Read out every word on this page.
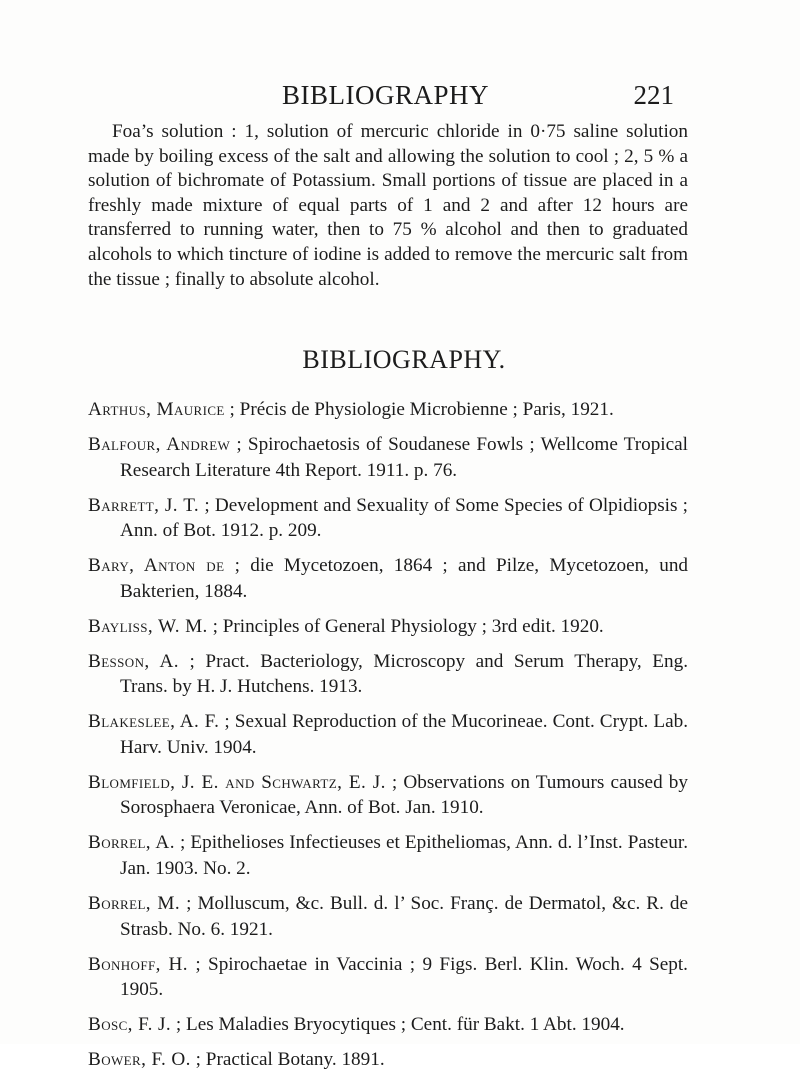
BIBLIOGRAPHY	221

Foa’s solution : 1, solution of mercuric chloride in 0·75 saline solution made by boiling excess of the salt and allowing the solution to cool ; 2, 5 % a solution of bichromate of Potassium. Small portions of tissue are placed in a freshly made mixture of equal parts of 1 and 2 and after 12 hours are transferred to running water, then to 75 % alcohol and then to graduated alcohols to which tincture of iodine is added to remove the mercuric salt from the tissue ; finally to absolute alcohol.

BIBLIOGRAPHY.
Arthus, Maurice ; Précis de Physiologie Microbienne ; Paris, 1921.
Balfour, Andrew ; Spirochaetosis of Soudanese Fowls ; Wellcome Tropical Research Literature 4th Report. 1911. p. 76.
Barrett, J. T. ; Development and Sexuality of Some Species of Olpidiopsis ; Ann. of Bot. 1912. p. 209.
Bary, Anton de ; die Mycetozoen, 1864 ; and Pilze, Mycetozoen, und Bakterien, 1884.
Bayliss, W. M. ; Principles of General Physiology ; 3rd edit. 1920.
Besson, A. ; Pract. Bacteriology, Microscopy and Serum Therapy, Eng. Trans. by H. J. Hutchens. 1913.
Blakeslee, A. F. ; Sexual Reproduction of the Mucorineae. Cont. Crypt. Lab. Harv. Univ. 1904.
Blomfield, J. E. and Schwartz, E. J. ; Observations on Tumours caused by Sorosphaera Veronicae, Ann. of Bot. Jan. 1910.
Borrel, A. ; Epithelioses Infectieuses et Epitheliomas, Ann. d. l’Inst. Pasteur. Jan. 1903. No. 2.
Borrel, M. ; Molluscum, &c. Bull. d. l’ Soc. Franç. de Dermatol, &c. R. de Strasb. No. 6. 1921.
Bonhoff, H. ; Spirochaetae in Vaccinia ; 9 Figs. Berl. Klin. Woch. 4 Sept. 1905.
Bosc, F. J. ; Les Maladies Bryocytiques ; Cent. für Bakt. 1 Abt. 1904.
Bower, F. O. ; Practical Botany. 1891.
